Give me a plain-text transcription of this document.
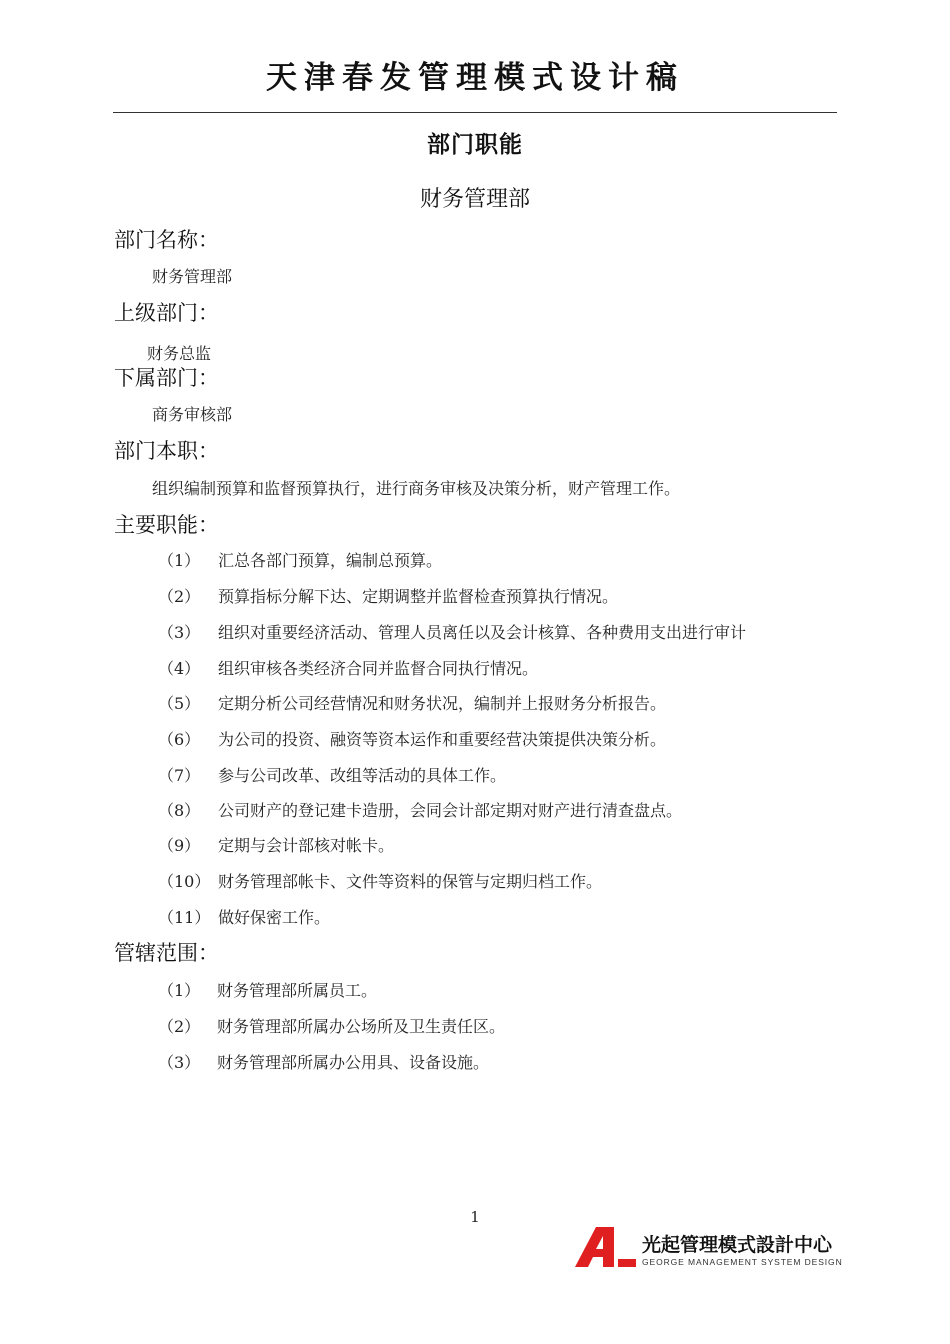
天津春发管理模式设计稿
部门职能
财务管理部
部门名称：
财务管理部
上级部门：
财务总监
下属部门：
商务审核部
部门本职：
组织编制预算和监督预算执行，进行商务审核及决策分析，财产管理工作。
主要职能：
（1） 汇总各部门预算，编制总预算。
（2） 预算指标分解下达、定期调整并监督检查预算执行情况。
（3） 组织对重要经济活动、管理人员离任以及会计核算、各种费用支出进行审计
（4） 组织审核各类经济合同并监督合同执行情况。
（5） 定期分析公司经营情况和财务状况，编制并上报财务分析报告。
（6） 为公司的投资、融资等资本运作和重要经营决策提供决策分析。
（7） 参与公司改革、改组等活动的具体工作。
（8） 公司财产的登记建卡造册，会同会计部定期对财产进行清查盘点。
（9） 定期与会计部核对帐卡。
（10） 财务管理部帐卡、文件等资料的保管与定期归档工作。
（11） 做好保密工作。
管辖范围：
（1） 财务管理部所属员工。
（2） 财务管理部所属办公场所及卫生责任区。
（3） 财务管理部所属办公用具、设备设施。
1
光起管理模式設計中心
GEORGE MANAGEMENT SYSTEM DESIGN
